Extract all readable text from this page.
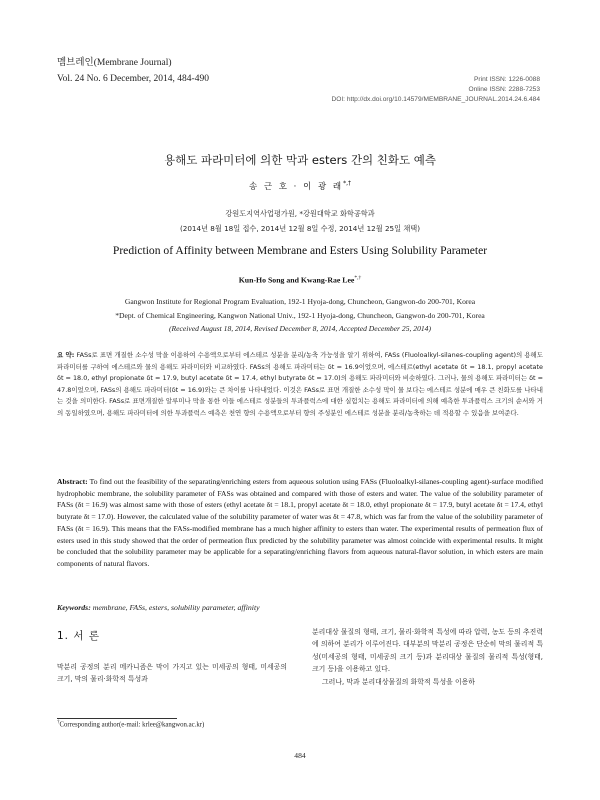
멤브레인(Membrane Journal)
Vol. 24 No. 6 December, 2014, 484-490	Print ISSN: 1226-0088
Online ISSN: 2288-7253
DOI: http://dx.doi.org/10.14579/MEMBRANE_JOURNAL.2014.24.6.484
용해도 파라미터에 의한 막과 esters 간의 친화도 예측
송 근 호 · 이 광 래*,†
강원도지역사업평가원, *강원대학교 화학공학과
(2014년 8월 18일 접수, 2014년 12월 8일 수정, 2014년 12월 25일 채택)
Prediction of Affinity between Membrane and Esters Using Solubility Parameter
Kun-Ho Song and Kwang-Rae Lee*,†
Gangwon Institute for Regional Program Evaluation, 192-1 Hyoja-dong, Chuncheon, Gangwon-do 200-701, Korea
*Dept. of Chemical Engineering, Kangwon National Univ., 192-1 Hyoja-dong, Chuncheon, Gangwon-do 200-701, Korea
(Received August 18, 2014, Revised December 8, 2014, Accepted December 25, 2014)
요 약: FASs로 표면 개질한 소수성 막을 이용하여 수용액으로부터 에스테르 성분을 분리/농축 가능성을 알기 위하여, FASs (Fluoloalkyl-silanes-coupling agent)의 용해도 파라미터를 구하여 에스테르와 물의 용해도 파라미터와 비교하였다. FASs의 용해도 파라미터는 δt = 16.9이었으며, 에스테르(ethyl acetate δt = 18.1, propyl acetate δt = 18.0, ethyl propionate δt = 17.9, butyl acetate δt = 17.4, ethyl butyrate δt = 17.0)의 용해도 파라미터와 비슷하였다. 그러나, 물의 용해도 파라미터는 δt = 47.8이었으며, FASs의 용해도 파라미터(δt = 16.9)와는 큰 차이를 나타내었다. 이것은 FASs로 표면 개질한 소수성 막이 물 보다는 에스테르 성분에 매우 큰 친화도를 나타내는 것을 의미한다. FASs로 표면개질한 알루미나 막을 통한 이들 에스테르 성분들의 투과플럭스에 대한 실험치는 용해도 파라미터에 의해 예측한 투과플럭스 크기의 순서와 거의 동일하였으며, 용해도 파라미터에 의한 투과플럭스 예측은 천연 향의 수용액으로부터 향의 주성분인 에스테르 성분을 분리/농축하는 데 적용할 수 있음을 보여준다.
Abstract: To find out the feasibility of the separating/enriching esters from aqueous solution using FASs (Fluoloalkyl-silanes-coupling agent)-surface modified hydrophobic membrane, the solubility parameter of FASs was obtained and compared with those of esters and water. The value of the solubility parameter of FASs (δt = 16.9) was almost same with those of esters (ethyl acetate δt = 18.1, propyl acetate δt = 18.0, ethyl propionate δt = 17.9, butyl acetate δt = 17.4, ethyl butyrate δt = 17.0). However, the calculated value of the solubility parameter of water was δt = 47.8, which was far from the value of the solubility parameter of FASs (δt = 16.9). This means that the FASs-modified membrane has a much higher affinity to esters than water. The experimental results of permeation flux of esters used in this study showed that the order of permeation flux predicted by the solubility parameter was almost coincide with experimental results. It might be concluded that the solubility parameter may be applicable for a separating/enriching flavors from aqueous natural-flavor solution, in which esters are main components of natural flavors.
Keywords: membrane, FASs, esters, solubility parameter, affinity
1. 서 론
막분리 공정의 분리 메카니즘은 막이 가지고 있는 미세공의 형태, 미세공의 크기, 막의 물리·화학적 특성과
분리대상 물질의 형태, 크기, 물리·화학적 특성에 따라 압력, 농도 등의 추진력에 의하여 분리가 이루어진다. 대부분의 막분리 공정은 단순히 막의 물리적 특성(미세공의 형태, 미세공의 크기 등)과 분리대상 물질의 물리적 특성(형태, 크기 등)을 이용하고 있다.
그러나, 막과 분리대상물질의 화학적 특성을 이용하
†Corresponding author(e-mail: krlee@kangwon.ac.kr)
484
